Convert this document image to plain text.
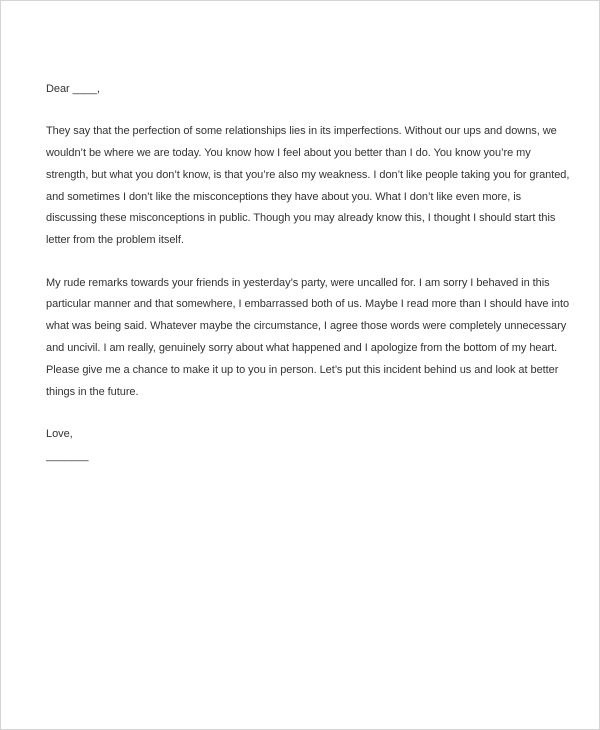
Dear ____,

They say that the perfection of some relationships lies in its imperfections. Without our ups and downs, we

wouldn’t be where we are today. You know how I feel about you better than I do. You know you’re my

strength, but what you don’t know, is that you’re also my weakness. I don’t like people taking you for granted,

and sometimes I don’t like the misconceptions they have about you. What I don’t like even more, is

discussing these misconceptions in public. Though you may already know this, I thought I should start this

letter from the problem itself.

My rude remarks towards your friends in yesterday’s party, were uncalled for. I am sorry I behaved in this

particular manner and that somewhere, I embarrassed both of us. Maybe I read more than I should have into

what was being said. Whatever maybe the circumstance, I agree those words were completely unnecessary

and uncivil. I am really, genuinely sorry about what happened and I apologize from the bottom of my heart.

Please give me a chance to make it up to you in person. Let’s put this incident behind us and look at better

things in the future.

Love,

_______
